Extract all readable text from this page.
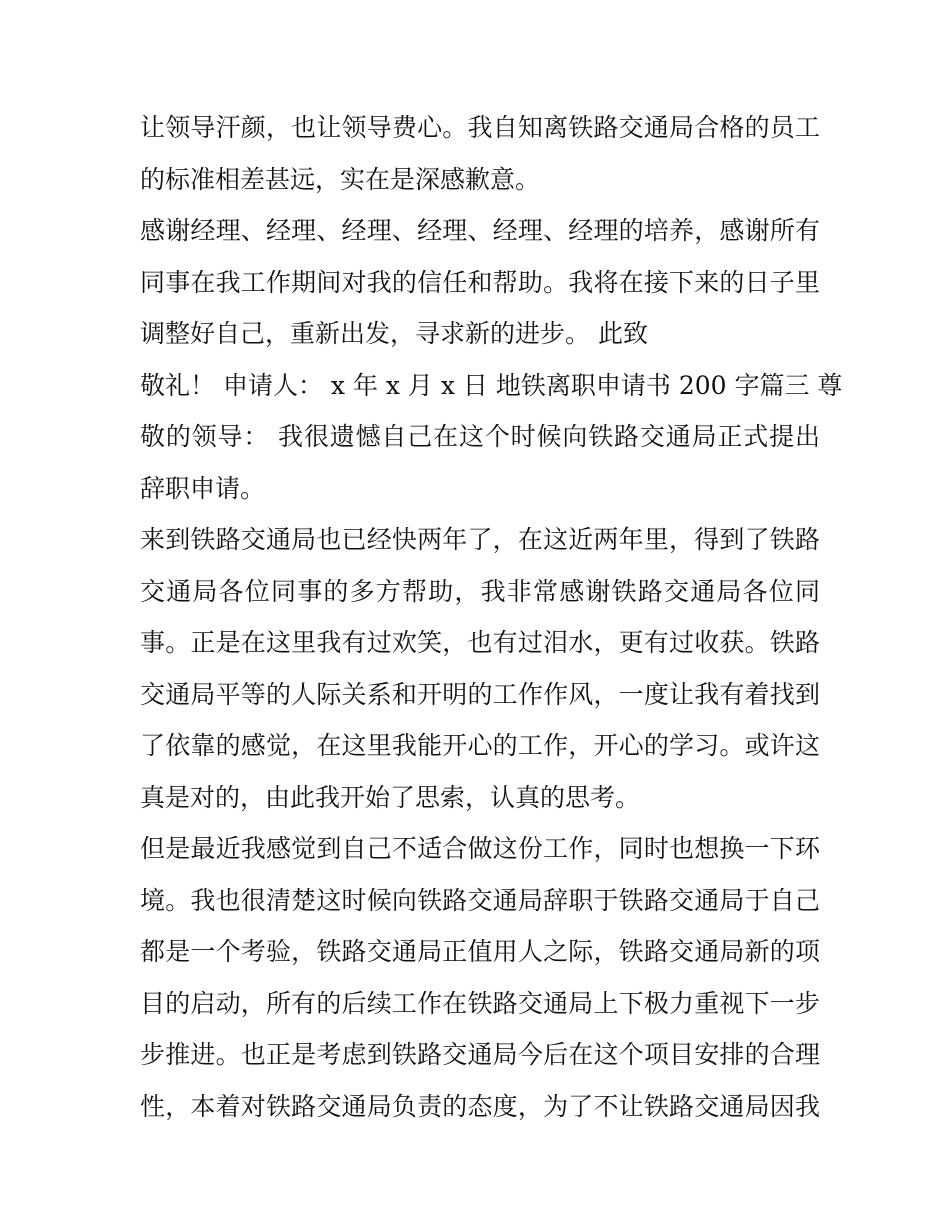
让领导汗颜，也让领导费心。我自知离铁路交通局合格的员工
的标准相差甚远，实在是深感歉意。
感谢经理、经理、经理、经理、经理、经理的培养，感谢所有
同事在我工作期间对我的信任和帮助。我将在接下来的日子里
调整好自己，重新出发，寻求新的进步。 此致
敬礼！ 申请人： x 年 x 月 x 日 地铁离职申请书 200 字篇三 尊
敬的领导： 我很遗憾自己在这个时候向铁路交通局正式提出
辞职申请。
来到铁路交通局也已经快两年了，在这近两年里，得到了铁路
交通局各位同事的多方帮助，我非常感谢铁路交通局各位同
事。正是在这里我有过欢笑，也有过泪水，更有过收获。铁路
交通局平等的人际关系和开明的工作作风，一度让我有着找到
了依靠的感觉，在这里我能开心的工作，开心的学习。或许这
真是对的，由此我开始了思索，认真的思考。
但是最近我感觉到自己不适合做这份工作，同时也想换一下环
境。我也很清楚这时候向铁路交通局辞职于铁路交通局于自己
都是一个考验，铁路交通局正值用人之际，铁路交通局新的项
目的启动，所有的后续工作在铁路交通局上下极力重视下一步
步推进。也正是考虑到铁路交通局今后在这个项目安排的合理
性，本着对铁路交通局负责的态度，为了不让铁路交通局因我
